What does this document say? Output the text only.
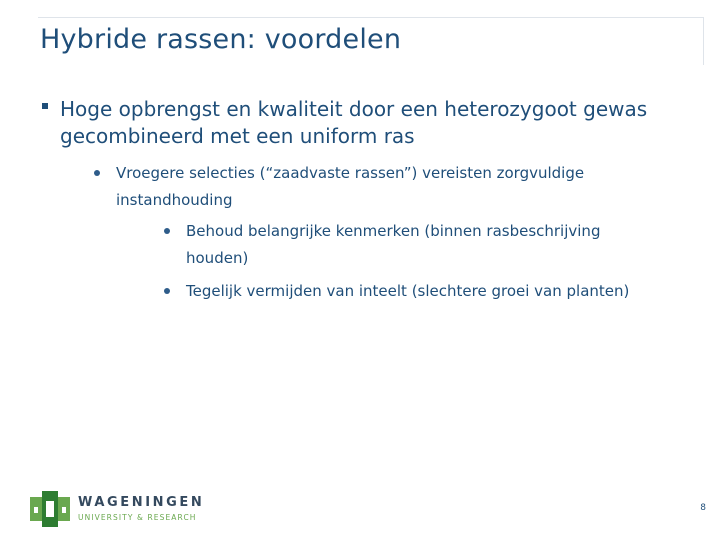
Hybride rassen: voordelen
Hoge opbrengst en kwaliteit door een heterozygoot gewas gecombineerd met een uniform ras
Vroegere selecties (“zaadvaste rassen”) vereisten zorgvuldige instandhouding
Behoud belangrijke kenmerken (binnen rasbeschrijving houden)
Tegelijk vermijden van inteelt (slechtere groei van planten)
WAGENINGEN
UNIVERSITY & RESEARCH
8
